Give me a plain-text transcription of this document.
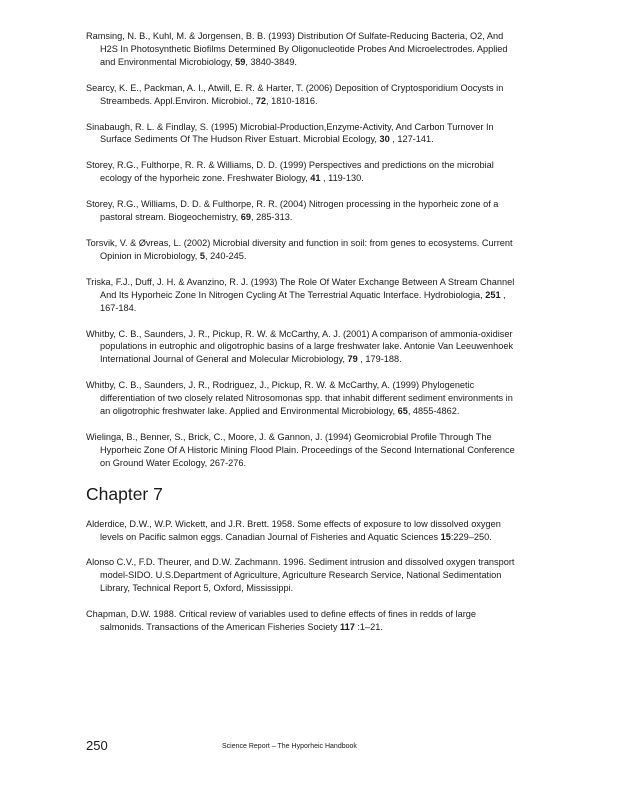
Ramsing, N. B., Kuhl, M. & Jorgensen, B. B. (1993) Distribution Of Sulfate-Reducing Bacteria, O2, And H2S In Photosynthetic Biofilms Determined By Oligonucleotide Probes And Microelectrodes. Applied and Environmental Microbiology, 59, 3840-3849.

Searcy, K. E., Packman, A. I., Atwill, E. R. & Harter, T. (2006) Deposition of Cryptosporidium Oocysts in Streambeds. Appl.Environ. Microbiol., 72, 1810-1816.

Sinabaugh, R. L. & Findlay, S. (1995) Microbial-Production,Enzyme-Activity, And Carbon Turnover In Surface Sediments Of The Hudson River Estuart. Microbial Ecology, 30 , 127-141.

Storey, R.G., Fulthorpe, R. R. & Williams, D. D. (1999) Perspectives and predictions on the microbial ecology of the hyporheic zone. Freshwater Biology, 41 , 119-130.

Storey, R.G., Williams, D. D. & Fulthorpe, R. R. (2004) Nitrogen processing in the hyporheic zone of a pastoral stream. Biogeochemistry, 69, 285-313.

Torsvik, V. & Øvreas, L. (2002) Microbial diversity and function in soil: from genes to ecosystems. Current Opinion in Microbiology, 5, 240-245.

Triska, F.J., Duff, J. H. & Avanzino, R. J. (1993) The Role Of Water Exchange Between A Stream Channel And Its Hyporheic Zone In Nitrogen Cycling At The Terrestrial Aquatic Interface. Hydrobiologia, 251 , 167-184.

Whitby, C. B., Saunders, J. R., Pickup, R. W. & McCarthy, A. J. (2001) A comparison of ammonia-oxidiser populations in eutrophic and oligotrophic basins of a large freshwater lake. Antonie Van Leeuwenhoek International Journal of General and Molecular Microbiology, 79 , 179-188.

Whitby, C. B., Saunders, J. R., Rodriguez, J., Pickup, R. W. & McCarthy, A. (1999) Phylogenetic differentiation of two closely related Nitrosomonas spp. that inhabit different sediment environments in an oligotrophic freshwater lake. Applied and Environmental Microbiology, 65, 4855-4862.

Wielinga, B., Benner, S., Brick, C., Moore, J. & Gannon, J. (1994) Geomicrobial Profile Through The Hyporheic Zone Of A Historic Mining Flood Plain. Proceedings of the Second International Conference on Ground Water Ecology, 267-276.

Chapter 7

Alderdice, D.W., W.P. Wickett, and J.R. Brett. 1958. Some effects of exposure to low dissolved oxygen levels on Pacific salmon eggs. Canadian Journal of Fisheries and Aquatic Sciences 15:229–250.

Alonso C.V., F.D. Theurer, and D.W. Zachmann. 1996. Sediment intrusion and dissolved oxygen transport model-SIDO. U.S.Department of Agriculture, Agriculture Research Service, National Sedimentation Library, Technical Report 5, Oxford, Mississippi.

Chapman, D.W. 1988. Critical review of variables used to define effects of fines in redds of large salmonids. Transactions of the American Fisheries Society 117 :1–21.

250	Science Report – The Hyporheic Handbook
